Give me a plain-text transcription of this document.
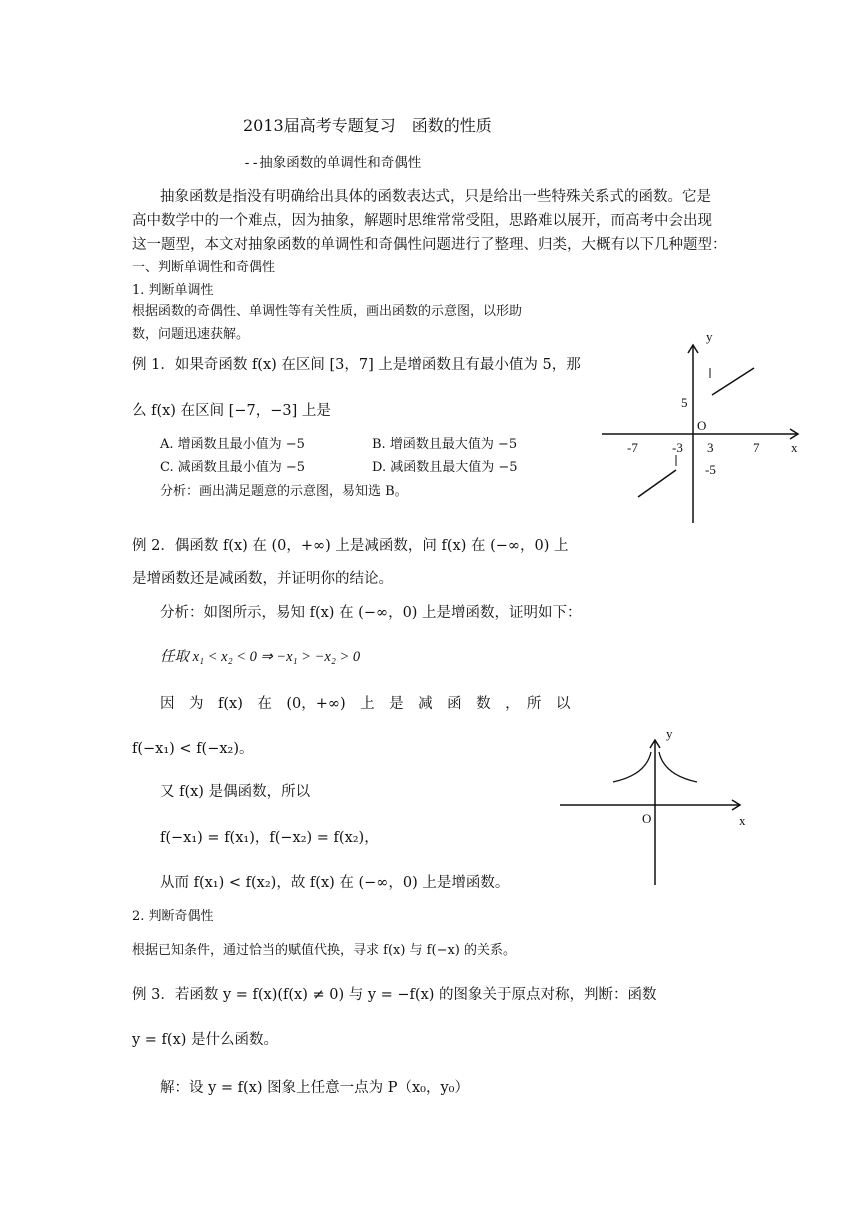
2013届高考专题复习　函数的性质
--抽象函数的单调性和奇偶性
抽象函数是指没有明确给出具体的函数表达式，只是给出一些特殊关系式的函数。它是
高中数学中的一个难点，因为抽象，解题时思维常常受阻，思路难以展开，而高考中会出现
这一题型，本文对抽象函数的单调性和奇偶性问题进行了整理、归类，大概有以下几种题型：
一、判断单调性和奇偶性
1. 判断单调性
根据函数的奇偶性、单调性等有关性质，画出函数的示意图，以形助
数，问题迅速获解。
例 1．如果奇函数 f(x) 在区间 [3，7] 上是增函数且有最小值为 5，那
么 f(x) 在区间 [−7，−3] 上是
A. 增函数且最小值为 −5	B. 增函数且最大值为 −5
C. 减函数且最小值为 −5	D. 减函数且最大值为 −5
分析：画出满足题意的示意图，易知选 B。
y
x
O
-7	-3 3	7
5
-5
y
x
O
例 2．偶函数 f(x) 在 (0，+∞) 上是减函数，问 f(x) 在 (−∞，0) 上
是增函数还是减函数，并证明你的结论。
分析：如图所示，易知 f(x) 在 (−∞，0) 上是增函数，证明如下：
任取 x₁ < x₂ < 0 ⇒ −x₁ > −x₂ > 0
因　为　f(x)　在　(0，+∞)　上　是　减　函　数　，　所　以
f(−x₁) < f(−x₂)。
又 f(x) 是偶函数，所以
f(−x₁) = f(x₁)，f(−x₂) = f(x₂)，
从而 f(x₁) < f(x₂)，故 f(x) 在 (−∞，0) 上是增函数。
2. 判断奇偶性
根据已知条件，通过恰当的赋值代换，寻求 f(x) 与 f(−x) 的关系。
例 3．若函数 y = f(x)(f(x) ≠ 0) 与 y = −f(x) 的图象关于原点对称，判断：函数
y = f(x) 是什么函数。
解：设 y = f(x) 图象上任意一点为 P（x₀，y₀）
